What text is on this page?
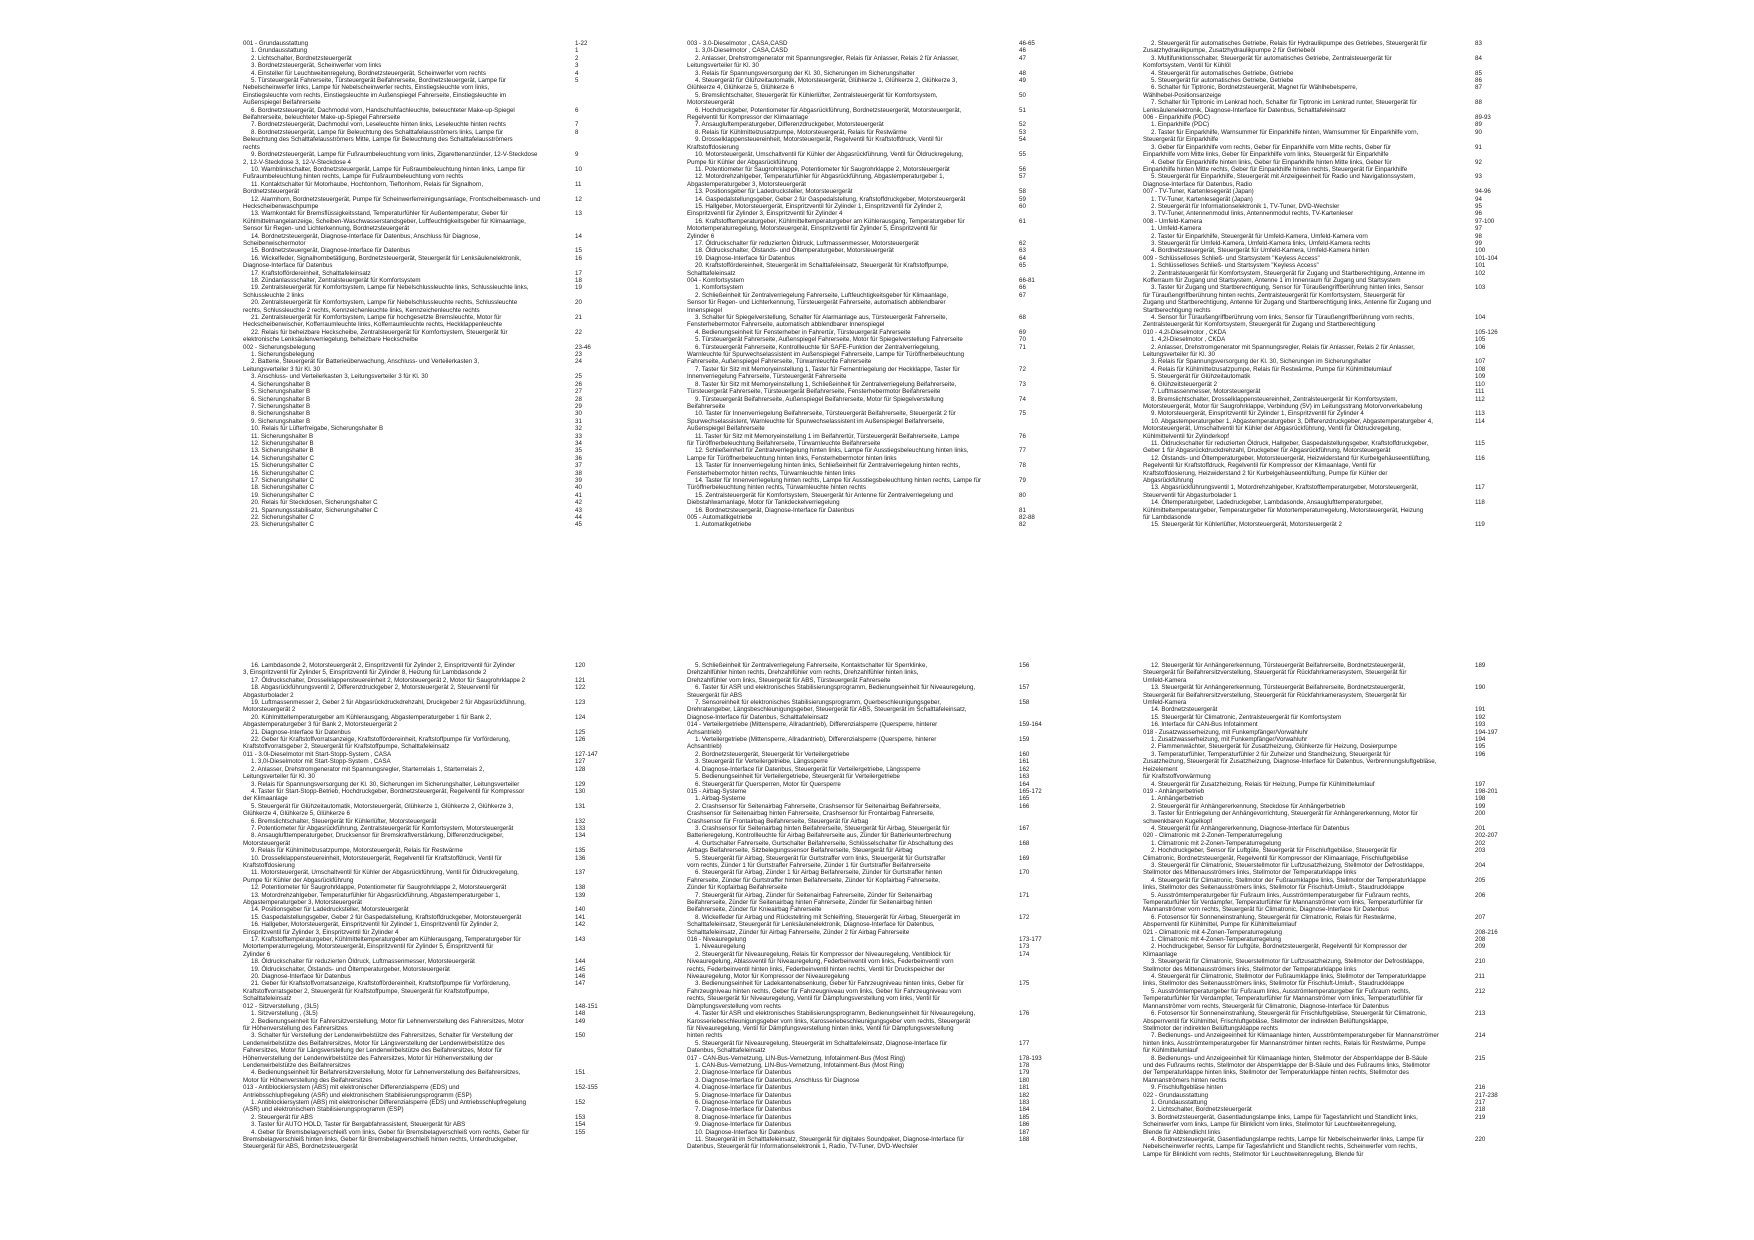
001 - Grundausstattung	1-22
1. Grundausstattung	1
2. Lichtschalter, Bordnetzsteuergerät	2
3. Bordnetzsteuergerät, Scheinwerfer vorn links	3
4. Einsteller für Leuchtweitenregelung, Bordnetzsteuergerät, Scheinwerfer vorn rechts	4
5. Türsteuergerät Fahrerseite, Türsteuergerät Beifahrerseite, Bordnetzsteuergerät, Lampe für	5
Nebelscheinwerfer links, Lampe für Nebelscheinwerfer rechts, Einstiegsleuchte vorn links,
Einstiegsleuchte vorn rechts, Einstiegsleuchte im Außenspiegel Fahrerseite, Einstiegsleuchte im
Außenspiegel Beifahrerseite
6. Bordnetzsteuergerät, Dachmodul vorn, Handschuhfachleuchte, beleuchteter Make-up-Spiegel	6
Beifahrerseite, beleuchteter Make-up-Spiegel Fahrerseite
7. Bordnetzsteuergerät, Dachmodul vorn, Leseleuchte hinten links, Leseleuchte hinten rechts	7
8. Bordnetzsteuergerät, Lampe für Beleuchtung des Schalttafelausströmers links, Lampe für	8
Beleuchtung des Schalttafelausströmers Mitte, Lampe für Beleuchtung des Schalttafelausströmers
rechts
9. Bordnetzsteuergerät, Lampe für Fußraumbeleuchtung vorn links, Zigarettenanzünder, 12-V-Steckdose	9
2, 12-V-Steckdose 3, 12-V-Steckdose 4
10. Warnblinkschalter, Bordnetzsteuergerät, Lampe für Fußraumbeleuchtung hinten links, Lampe für	10
Fußraumbeleuchtung hinten rechts, Lampe für Fußraumbeleuchtung vorn rechts
11. Kontaktschalter für Motorhaube, Hochtonhorn, Tieftonhorn, Relais für Signalhorn,	11
Bordnetzsteuergerät
12. Alarmhorn, Bordnetzsteuergerät, Pumpe für Scheinwerferreinigungsanlage, Frontscheibenwasch- und	12
Heckscheibenwaschpumpe
13. Warnkontakt für Bremsflüssigkeitsstand, Temperaturfühler für Außentemperatur, Geber für	13
Kühlmittelmangelanzeige, Scheiben-Waschwasserstandsgeber, Luftfeuchtigkeitsgeber für Klimaanlage,
Sensor für Regen- und Lichterkennung, Bordnetzsteuergerät
14. Bordnetzsteuergerät, Diagnose-Interface für Datenbus, Anschluss für Diagnose,	14
Scheibenwischermotor
15. Bordnetzsteuergerät, Diagnose-Interface für Datenbus	15
16. Wickelfeder, Signalhornbetätigung, Bordnetzsteuergerät, Steuergerät für Lenksäulenelektronik,	16
Diagnose-Interface für Datenbus
17. Kraftstoffördereinheit, Schalttafeleinsatz	17
18. Zündanlassschalter, Zentralsteuergerät für Komfortsystem	18
19. Zentralsteuergerät für Komfortsystem, Lampe für Nebelschlussleuchte links, Schlussleuchte links,	19
Schlussleuchte 2 links
20. Zentralsteuergerät für Komfortsystem, Lampe für Nebelschlussleuchte rechts, Schlussleuchte	20
rechts, Schlussleuchte 2 rechts, Kennzeichenleuchte links, Kennzeichenleuchte rechts
21. Zentralsteuergerät für Komfortsystem, Lampe für hochgesetzte Bremsleuchte, Motor für	21
Heckscheibenwischer, Kofferraumleuchte links, Kofferraumleuchte rechts, Heckklappenleuchte
22. Relais für beheizbare Heckscheibe, Zentralsteuergerät für Komfortsystem, Steuergerät für	22
elektronische Lenksäulenverriegelung, beheizbare Heckscheibe
002 - Sicherungsbelegung	23-46
1. Sicherungsbelegung	23
2. Batterie, Steuergerät für Batterieüberwachung, Anschluss- und Verteilerkasten 3,	24
Leitungsverteiler 3 für Kl. 30
3. Anschluss- und Verteilerkasten 3, Leitungsverteiler 3 für Kl. 30	25
4. Sicherungshalter B	26
5. Sicherungshalter B	27
6. Sicherungshalter B	28
7. Sicherungshalter B	29
8. Sicherungshalter B	30
9. Sicherungshalter B	31
10. Relais für Lüfterfreigabe, Sicherungshalter B	32
11. Sicherungshalter B	33
12. Sicherungshalter B	34
13. Sicherungshalter B	35
14. Sicherungshalter C	36
15. Sicherungshalter C	37
16. Sicherungshalter C	38
17. Sicherungshalter C	39
18. Sicherungshalter C	40
19. Sicherungshalter C	41
20. Relais für Steckdosen, Sicherungshalter C	42
21. Spannungsstabilisator, Sicherungshalter C	43
22. Sicherungshalter C	44
23. Sicherungshalter C	45
003 - 3.0-Dieselmotor , CASA,CASD	46-65
1. 3,0l-Dieselmotor , CASA,CASD	46
2. Anlasser, Drehstromgenerator mit Spannungsregler, Relais für Anlasser, Relais 2 für Anlasser,	47
Leitungsverteiler für Kl. 30
3. Relais für Spannungsversorgung der Kl. 30, Sicherungen im Sicherungshalter	48
4. Steuergerät für Glühzeitautomatik, Motorsteuergerät, Glühkerze 1, Glühkerze 2, Glühkerze 3,	49
Glühkerze 4, Glühkerze 5, Glühkerze 6
5. Bremslichtschalter, Steuergerät für Kühlerlüfter, Zentralsteuergerät für Komfortsystem,	50
Motorsteuergerät
6. Hochdruckgeber, Potentiometer für Abgasrückführung, Bordnetzsteuergerät, Motorsteuergerät,	51
Regelventil für Kompressor der Klimaanlage
7. Ansaugluftemperaturgeber, Differenzdruckgeber, Motorsteuergerät	52
8. Relais für Kühlmittelzusatzpumpe, Motorsteuergerät, Relais für Restwärme	53
9. Drosselklappensteuereinheit, Motorsteuergerät, Regelventil für Kraftstoffdruck, Ventil für	54
Kraftstoffdosierung
10. Motorsteuergerät, Umschaltventil für Kühler der Abgasrückführung, Ventil für Öldruckregelung,	55
Pumpe für Kühler der Abgasrückführung
11. Potentiometer für Saugrohrklappe, Potentiometer für Saugrohrklappe 2, Motorsteuergerät	56
12. Motordrehzahlgeber, Temperaturfühler für Abgasrückführung, Abgastemperaturgeber 1,	57
Abgastemperaturgeber 3, Motorsteuergerät
13. Positionsgeber für Ladedrucksteller, Motorsteuergerät	58
14. Gaspedalstellungsgeber, Geber 2 für Gaspedalstellung, Kraftstoffdruckgeber, Motorsteuergerät	59
15. Hallgeber, Motorsteuergerät, Einspritzventil für Zylinder 1, Einspritzventil für Zylinder 2,	60
Einspritzventil für Zylinder 3, Einspritzventil für Zylinder 4
16. Kraftstofftemperaturgeber, Kühlmitteltemperaturgeber am Kühlerausgang, Temperaturgeber für	61
Motortemperaturregelung, Motorsteuergerät, Einspritzventil für Zylinder 5, Einspritzventil für
Zylinder 6
17. Öldruckschalter für reduzierten Öldruck, Luftmassenmesser, Motorsteuergerät	62
18. Öldruckschalter, Ölstands- und Öltemperaturgeber, Motorsteuergerät	63
19. Diagnose-Interface für Datenbus	64
20. Kraftstoffördereinheit, Steuergerät im Schalttafeleinsatz, Steuergerät für Kraftstoffpumpe,	65
Schalttafeleinsatz
004 - Komfortsystem	66-81
1. Komfortsystem	66
2. Schließeinheit für Zentralverriegelung Fahrerseite, Luftfeuchtigkeitsgeber für Klimaanlage,	67
Sensor für Regen- und Lichterkennung, Türsteuergerät Fahrerseite, automatisch abblendbarer
Innenspiegel
3. Schalter für Spiegelverstellung, Schalter für Alarmanlage aus, Türsteuergerät Fahrerseite,	68
Fensterhebermotor Fahrerseite, automatisch abblendbarer Innenspiegel
4. Bedienungseinheit für Fensterheber in Fahrertür, Türsteuergerät Fahrerseite	69
5. Türsteuergerät Fahrerseite, Außenspiegel Fahrerseite, Motor für Spiegelverstellung Fahrerseite	70
6. Türsteuergerät Fahrerseite, Kontrollleuchte für SAFE-Funktion der Zentralverriegelung,	71
Warnleuchte für Spurwechselassistent im Außenspiegel Fahrerseite, Lampe für Türöffnerbeleuchtung
Fahrerseite, Außenspiegel Fahrerseite, Türwarnleuchte Fahrerseite
7. Taster für Sitz mit Memoryeinstellung 1, Taster für Fernentriegelung der Heckklappe, Taster für	72
Innenverriegelung Fahrerseite, Türsteuergerät Fahrerseite
8. Taster für Sitz mit Memoryeinstellung 1, Schließeinheit für Zentralverriegelung Beifahrerseite,	73
Türsteuergerät Fahrerseite, Türsteuergerät Beifahrerseite, Fensterhebermotor Beifahrerseite
9. Türsteuergerät Beifahrerseite, Außenspiegel Beifahrerseite, Motor für Spiegelverstellung	74
Beifahrerseite
10. Taster für Innenverriegelung Beifahrerseite, Türsteuergerät Beifahrerseite, Steuergerät 2 für	75
Spurwechselassistent, Warnleuchte für Spurwechselassistent im Außenspiegel Beifahrerseite,
Außenspiegel Beifahrerseite
11. Taster für Sitz mit Memoryeinstellung 1 im Beifahrertür, Türsteuergerät Beifahrerseite, Lampe	76
für Türöffnerbeleuchtung Beifahrerseite, Türwarnleuchte Beifahrerseite
12. Schließeinheit für Zentralverriegelung hinten links, Lampe für Ausstiegsbeleuchtung hinten links,	77
Lampe für Türöffnerbeleuchtung hinten links, Fensterhebermotor hinten links
13. Taster für Innenverriegelung hinten links, Schließeinheit für Zentralverriegelung hinten rechts,	78
Fensterhebermotor hinten rechts, Türwarnleuchte hinten links
14. Taster für Innenverriegelung hinten rechts, Lampe für Ausstiegsbeleuchtung hinten rechts, Lampe für	79
Türöffnerbeleuchtung hinten rechts, Türwarnleuchte hinten rechts
15. Zentralsteuergerät für Komfortsystem, Steuergerät für Antenne für Zentralverriegelung und	80
Diebstahlwarnanlage, Motor für Tankdeckelverriegelung
16. Bordnetzsteuergerät, Diagnose-Interface für Datenbus	81
005 - Automatikgetriebe	82-88
1. Automatikgetriebe	82
2. Steuergerät für automatisches Getriebe, Relais für Hydraulikpumpe des Getriebes, Steuergerät für	83
Zusatzhydraulikpumpe, Zusatzhydraulikpumpe 2 für Getriebeöl
3. Multifunktionsschalter, Steuergerät für automatisches Getriebe, Zentralsteuergerät für	84
Komfortsystem, Ventil für Kühlöl
4. Steuergerät für automatisches Getriebe, Getriebe	85
5. Steuergerät für automatisches Getriebe, Getriebe	86
6. Schalter für Tiptronic, Bordnetzsteuergerät, Magnet für Wählhebelsperre,	87
Wählhebel-Positionsanzeige
7. Schalter für Tiptronic im Lenkrad hoch, Schalter für Tiptronic im Lenkrad runter, Steuergerät für	88
Lenksäulenelektronik, Diagnose-Interface für Datenbus, Schalttafeleinsatz
006 - Einparkhilfe (PDC)	89-93
1. Einparkhilfe (PDC)	89
2. Taster für Einparkhilfe, Warnsummer für Einparkhilfe hinten, Warnsummer für Einparkhilfe vorn,	90
Steuergerät für Einparkhilfe
3. Geber für Einparkhilfe vorn rechts, Geber für Einparkhilfe vorn Mitte rechts, Geber für	91
Einparkhilfe vorn Mitte links, Geber für Einparkhilfe vorn links, Steuergerät für Einparkhilfe
4. Geber für Einparkhilfe hinten links, Geber für Einparkhilfe hinten Mitte links, Geber für	92
Einparkhilfe hinten Mitte rechts, Geber für Einparkhilfe hinten rechts, Steuergerät für Einparkhilfe
5. Steuergerät für Einparkhilfe, Steuergerät mit Anzeigeeinheit für Radio und Navigationssystem,	93
Diagnose-Interface für Datenbus, Radio
007 - TV-Tuner, Kartenlesegerät (Japan)	94-96
1. TV-Tuner, Kartenlesegerät (Japan)	94
2. Steuergerät für Informationselektronik 1, TV-Tuner, DVD-Wechsler	95
3. TV-Tuner, Antennenmodul links, Antennenmodul rechts, TV-Kartenleser	96
008 - Umfeld-Kamera	97-100
1. Umfeld-Kamera	97
2. Taster für Einparkhilfe, Steuergerät für Umfeld-Kamera, Umfeld-Kamera vorn	98
3. Steuergerät für Umfeld-Kamera, Umfeld-Kamera links, Umfeld-Kamera rechts	99
4. Bordnetzsteuergerät, Steuergerät für Umfeld-Kamera, Umfeld-Kamera hinten	100
009 - Schlüsselloses Schließ- und Startsystem "Keyless Access"	101-104
1. Schlüsselloses Schließ- und Startsystem "Keyless Access"	101
2. Zentralsteuergerät für Komfortsystem, Steuergerät für Zugang und Startberechtigung, Antenne im	102
Kofferraum für Zugang und Startsystem, Antenne 1 im Innenraum für Zugang und Startsystem
3. Taster für Zugang und Startberechtigung, Sensor für Türaußengriffberührung hinten links, Sensor	103
für Türaußengriffberührung hinten rechts, Zentralsteuergerät für Komfortsystem, Steuergerät für
Zugang und Startberechtigung, Antenne für Zugang und Startberechtigung links, Antenne für Zugang und
Startberechtigung rechts
4. Sensor für Türaußengriffberührung vorn links, Sensor für Türaußengriffberührung vorn rechts,	104
Zentralsteuergerät für Komfortsystem, Steuergerät für Zugang und Startberechtigung
010 - 4.2l-Dieselmotor , CKDA	105-126
1. 4,2l-Dieselmotor , CKDA	105
2. Anlasser, Drehstromgenerator mit Spannungsregler, Relais für Anlasser, Relais 2 für Anlasser,	106
Leitungsverteiler für Kl. 30
3. Relais für Spannungsversorgung der Kl. 30, Sicherungen im Sicherungshalter	107
4. Relais für Kühlmittelzusatzpumpe, Relais für Restwärme, Pumpe für Kühlmittelumlauf	108
5. Steuergerät für Glühzeitautomatik	109
6. Glühzeitsteuergerät 2	110
7. Luftmassenmesser, Motorsteuergerät	111
8. Bremslichtschalter, Drosselklappensteuereinheit, Zentralsteuergerät für Komfortsystem,	112
Motorsteuergerät, Motor für Saugrohrklappe, Verbindung (5V) im Leitungsstrang Motorvorverkabelung
9. Motorsteuergerät, Einspritzventil für Zylinder 1, Einspritzventil für Zylinder 4	113
10. Abgastemperaturgeber 1, Abgastemperaturgeber 3, Differenzdruckgeber, Abgastemperaturgeber 4,	114
Motorsteuergerät, Umschaltventil für Kühler der Abgasrückführung, Ventil für Öldruckregelung,
Kühlmittelventil für Zylinderkopf
11. Öldruckschalter für reduzierten Öldruck, Hallgeber, Gaspedalstellungsgeber, Kraftstoffdruckgeber,	115
Geber 1 für Abgasrückdruckdrehzahl, Druckgeber für Abgasrückführung, Motorsteuergerät
12. Ölstands- und Öltemperaturgeber, Motorsteuergerät, Heizwiderstand für Kurbelgehäuseentlüftung,	116
Regelventil für Kraftstoffdruck, Regelventil für Kompressor der Klimaanlage, Ventil für
Kraftstoffdosierung, Heizwiderstand 2 für Kurbelgehäuseentlüftung, Pumpe für Kühler der
Abgasrückführung
13. Abgasrückführungsventil 1, Motordrehzahlgeber, Kraftstofftemperaturgeber, Motorsteuergerät,	117
Steuerventil für Abgasturbolader 1
14. Öltemperaturgeber, Ladedruckgeber, Lambdasonde, Ansauglufttemperaturgeber,	118
Kühlmitteltemperaturgeber, Temperaturgeber für Motortemperaturregelung, Motorsteuergerät, Heizung
für Lambdasonde
15. Steuergerät für Kühlerlüfter, Motorsteuergerät, Motorsteuergerät 2	119
16. Lambdasonde 2, Motorsteuergerät 2, Einspritzventil für Zylinder 2, Einspritzventil für Zylinder	120
3, Einspritzventil für Zylinder 5, Einspritzventil für Zylinder 8, Heizung für Lambdasonde 2
17. Öldruckschalter, Drosselklappensteuereinheit 2, Motorsteuergerät 2, Motor für Saugrohrklappe 2	121
18. Abgasrückführungsventil 2, Differenzdruckgeber 2, Motorsteuergerät 2, Steuerventil für	122
Abgasturbolader 2
19. Luftmassenmesser 2, Geber 2 für Abgasrückdruckdrehzahl, Druckgeber 2 für Abgasrückführung,	123
Motorsteuergerät 2
20. Kühlmitteltemperaturgeber am Kühlerausgang, Abgastemperaturgeber 1 für Bank 2,	124
Abgastemperaturgeber 3 für Bank 2, Motorsteuergerät 2
21. Diagnose-Interface für Datenbus	125
22. Geber für Kraftstoffvorratsanzeige, Kraftstoffördereinheit, Kraftstoffpumpe für Vorförderung,	126
Kraftstoffvorratsgeber 2, Steuergerät für Kraftstoffpumpe, Schalttafeleinsatz
011 - 3.0l-Dieselmotor mit Start-Stopp-System , CASA	127-147
1. 3,0l-Dieselmotor mit Start-Stopp-System , CASA	127
2. Anlasser, Drehstromgenerator mit Spannungsregler, Starterrelais 1, Starterrelais 2,	128
Leitungsverteiler für Kl. 30
3. Relais für Spannungsversorgung der Kl. 30, Sicherungen im Sicherungshalter, Leitungsverteiler	129
4. Taster für Start-Stopp-Betrieb, Hochdruckgeber, Bordnetzsteuergerät, Regelventil für Kompressor	130
der Klimaanlage
5. Steuergerät für Glühzeitautomatik, Motorsteuergerät, Glühkerze 1, Glühkerze 2, Glühkerze 3,	131
Glühkerze 4, Glühkerze 5, Glühkerze 6
6. Bremslichtschalter, Steuergerät für Kühlerlüfter, Motorsteuergerät	132
7. Potentiometer für Abgasrückführung, Zentralsteuergerät für Komfortsystem, Motorsteuergerät	133
8. Ansauglufttemperaturgeber, Drucksensor für Bremskraftverstärkung, Differenzdruckgeber,	134
Motorsteuergerät
9. Relais für Kühlmittelzusatzpumpe, Motorsteuergerät, Relais für Restwärme	135
10. Drosselklappensteuereinheit, Motorsteuergerät, Regelventil für Kraftstoffdruck, Ventil für	136
Kraftstoffdosierung
11. Motorsteuergerät, Umschaltventil für Kühler der Abgasrückführung, Ventil für Öldruckregelung,	137
Pumpe für Kühler der Abgasrückführung
12. Potentiometer für Saugrohrklappe, Potentiometer für Saugrohrklappe 2, Motorsteuergerät	138
13. Motordrehzahlgeber, Temperaturfühler für Abgasrückführung, Abgastemperaturgeber 1,	139
Abgastemperaturgeber 3, Motorsteuergerät
14. Positionsgeber für Ladedrucksteller, Motorsteuergerät	140
15. Gaspedalstellungsgeber, Geber 2 für Gaspedalstellung, Kraftstoffdruckgeber, Motorsteuergerät	141
16. Hallgeber, Motorsteuergerät, Einspritzventil für Zylinder 1, Einspritzventil für Zylinder 2,	142
Einspritzventil für Zylinder 3, Einspritzventil für Zylinder 4
17. Kraftstofftemperaturgeber, Kühlmitteltemperaturgeber am Kühlerausgang, Temperaturgeber für	143
Motortemperaturregelung, Motorsteuergerät, Einspritzventil für Zylinder 5, Einspritzventil für
Zylinder 6
18. Öldruckschalter für reduzierten Öldruck, Luftmassenmesser, Motorsteuergerät	144
19. Öldruckschalter, Ölstands- und Öltemperaturgeber, Motorsteuergerät	145
20. Diagnose-Interface für Datenbus	146
21. Geber für Kraftstoffvorratsanzeige, Kraftstoffördereinheit, Kraftstoffpumpe für Vorförderung,	147
Kraftstoffvorratsgeber 2, Steuergerät für Kraftstoffpumpe, Steuergerät für Kraftstoffpumpe,
Schalttafeleinsatz
012 - Sitzverstellung , (3L5)	148-151
1. Sitzverstellung , (3L5)	148
2. Bedienungseinheit für Fahrersitzverstellung, Motor für Lehnenverstellung des Fahrersitzes, Motor	149
für Höhenverstellung des Fahrersitzes
3. Schalter für Verstellung der Lendenwirbelstütze des Fahrersitzes, Schalter für Verstellung der	150
Lendenwirbelstütze des Beifahrersitzes, Motor für Längsverstellung der Lendenwirbelstütze des
Fahrersitzes, Motor für Längsverstellung der Lendenwirbelstütze des Beifahrersitzes, Motor für
Höhenverstellung der Lendenwirbelstütze des Fahrersitzes, Motor für Höhenverstellung der
Lendenwirbelstütze des Beifahrersitzes
4. Bedienungseinheit für Beifahrersitzverstellung, Motor für Lehnenverstellung des Beifahrersitzes,	151
Motor für Höhenverstellung des Beifahrersitzes
013 - Antiblockiersystem (ABS) mit elektronischer Differenzialsperre (EDS) und	152-155
Antriebsschlupfregelung (ASR) und elektronischem Stabilisierungsprogramm (ESP)
1. Antiblockiersystem (ABS) mit elektronischer Differenzialsperre (EDS) und Antriebsschlupfregelung	152
(ASR) und elektronischem Stabilisierungsprogramm (ESP)
2. Steuergerät für ABS	153
3. Taster für AUTO HOLD, Taster für Bergabfahrassistent, Steuergerät für ABS	154
4. Geber für Bremsbelagverschleiß vorn links, Geber für Bremsbelagverschleiß vorn rechts, Geber für	155
Bremsbelagverschleiß hinten links, Geber für Bremsbelagverschleiß hinten rechts, Unterdruckgeber,
Steuergerät für ABS, Bordnetzsteuergerät
5. Schließeinheit für Zentralverriegelung Fahrerseite, Kontaktschalter für Sperrklinke,	156
Drehzahlfühler hinten rechts, Drehzahlfühler vorn rechts, Drehzahlfühler hinten links,
Drehzahlfühler vorn links, Steuergerät für ABS, Türsteuergerät Fahrerseite
6. Taster für ASR und elektronisches Stabilisierungsprogramm, Bedienungseinheit für Niveauregelung,	157
Steuergerät für ABS
7. Sensoreinheit für elektronisches Stabilisierungsprogramm, Querbeschleunigungsgeber,	158
Drehratengeber, Längsbeschleunigungsgeber, Steuergerät für ABS, Steuergerät im Schalttafeleinsatz,
Diagnose-Interface für Datenbus, Schalttafeleinsatz
014 - Verteilergetriebe (Mittensperre, Allradantrieb), Differenzialsperre (Quersperre, hinterer	159-164
Achsantrieb)
1. Verteilergetriebe (Mittensperre, Allradantrieb), Differenzialsperre (Quersperre, hinterer	159
Achsantrieb)
2. Bordnetzsteuergerät, Steuergerät für Verteilergetriebe	160
3. Steuergerät für Verteilergetriebe, Längssperre	161
4. Diagnose-Interface für Datenbus, Steuergerät für Verteilergetriebe, Längssperre	162
5. Bedienungseinheit für Verteilergetriebe, Steuergerät für Verteilergetriebe	163
6. Steuergerät für Quersperren, Motor für Quersperre	164
015 - Airbag-Systeme	165-172
1. Airbag-Systeme	165
2. Crashsensor für Seitenairbag Fahrerseite, Crashsensor für Seitenairbag Beifahrerseite,	166
Crashsensor für Seitenairbag hinten Fahrerseite, Crashsensor für Frontairbag Fahrerseite,
Crashsensor für Frontairbag Beifahrerseite, Steuergerät für Airbag
3. Crashsensor für Seitenairbag hinten Beifahrerseite, Steuergerät für Airbag, Steuergerät für	167
Batterieregelung, Kontrollleuchte für Airbag Beifahrerseite aus, Zünder für Batterieunterbrechung
4. Gurtschalter Fahrerseite, Gurtschalter Beifahrerseite, Schlüsselschalter für Abschaltung des	168
Airbags Beifahrerseite, Sitzbelegungssensor Beifahrerseite, Steuergerät für Airbag
5. Steuergerät für Airbag, Steuergerät für Gurtstraffer vorn links, Steuergerät für Gurtstraffer	169
vorn rechts, Zünder 1 für Gurtstraffer Fahrerseite, Zünder 1 für Gurtstraffer Beifahrerseite
6. Steuergerät für Airbag, Zünder 1 für Airbag Beifahrerseite, Zünder für Gurtstraffer hinten	170
Fahrerseite, Zünder für Gurtstraffer hinten Beifahrerseite, Zünder für Kopfairbag Fahrerseite,
Zünder für Kopfairbag Beifahrerseite
7. Steuergerät für Airbag, Zünder für Seitenairbag Fahrerseite, Zünder für Seitenairbag	171
Beifahrerseite, Zünder für Seitenairbag hinten Fahrerseite, Zünder für Seitenairbag hinten
Beifahrerseite, Zünder für Knieairbag Fahrerseite
8. Wickelfeder für Airbag und Rückstellring mit Schleifring, Steuergerät für Airbag, Steuergerät im	172
Schalttafeleinsatz, Steuergerät für Lenksäulenelektronik, Diagnose-Interface für Datenbus,
Schalttafeleinsatz, Zünder für Airbag Fahrerseite, Zünder 2 für Airbag Fahrerseite
016 - Niveauregelung	173-177
1. Niveauregelung	173
2. Steuergerät für Niveauregelung, Relais für Kompressor der Niveauregelung, Ventilblock für	174
Niveauregelung, Ablassventil für Niveauregelung, Federbeinventil vorn links, Federbeinventil vorn
rechts, Federbeinventil hinten links, Federbeinventil hinten rechts, Ventil für Druckspeicher der
Niveauregelung, Motor für Kompressor der Niveauregelung
3. Bedienungseinheit für Ladekantenabsenkung, Geber für Fahrzeugniveau hinten links, Geber für	175
Fahrzeugniveau hinten rechts, Geber für Fahrzeugniveau vorn links, Geber für Fahrzeugniveau vorn
rechts, Steuergerät für Niveauregelung, Ventil für Dämpfungsverstellung vorn links, Ventil für
Dämpfungsverstellung vorn rechts
4. Taster für ASR und elektronisches Stabilisierungsprogramm, Bedienungseinheit für Niveauregelung,	176
Karosseriebeschleunigungsgeber vorn links, Karosseriebeschleunigungsgeber vorn rechts, Steuergerät
für Niveauregelung, Ventil für Dämpfungsverstellung hinten links, Ventil für Dämpfungsverstellung
hinten rechts
5. Steuergerät für Niveauregelung, Steuergerät im Schalttafeleinsatz, Diagnose-Interface für	177
Datenbus, Schalttafeleinsatz
017 - CAN-Bus-Vernetzung, LIN-Bus-Vernetzung, Infotainment-Bus (Most Ring)	178-193
1. CAN-Bus-Vernetzung, LIN-Bus-Vernetzung, Infotainment-Bus (Most Ring)	178
2. Diagnose-Interface für Datenbus	179
3. Diagnose-Interface für Datenbus, Anschluss für Diagnose	180
4. Diagnose-Interface für Datenbus	181
5. Diagnose-Interface für Datenbus	182
6. Diagnose-Interface für Datenbus	183
7. Diagnose-Interface für Datenbus	184
8. Diagnose-Interface für Datenbus	185
9. Diagnose-Interface für Datenbus	186
10. Diagnose-Interface für Datenbus	187
11. Steuergerät im Schalttafeleinsatz, Steuergerät für digitales Soundpaket, Diagnose-Interface für	188
Datenbus, Steuergerät für Informationselektronik 1, Radio, TV-Tuner, DVD-Wechsler
12. Steuergerät für Anhängererkennung, Türsteuergerät Beifahrerseite, Bordnetzsteuergerät,	189
Steuergerät für Beifahrersitzverstellung, Steuergerät für Rückfahrkamerasystem, Steuergerät für
Umfeld-Kamera
13. Steuergerät für Anhängererkennung, Türsteuergerät Beifahrerseite, Bordnetzsteuergerät,	190
Steuergerät für Beifahrersitzverstellung, Steuergerät für Rückfahrkamerasystem, Steuergerät für
Umfeld-Kamera
14. Bordnetzsteuergerät	191
15. Steuergerät für Climatronic, Zentralsteuergerät für Komfortsystem	192
16. Interface für CAN-Bus Infotainment	193
018 - Zusatzwasserheizung, mit Funkempfänger/Vorwahluhr	194-197
1. Zusatzwasserheizung, mit Funkempfänger/Vorwahluhr	194
2. Flammenwächter, Steuergerät für Zusatzheizung, Glühkerze für Heizung, Dosierpumpe	195
3. Temperaturfühler, Temperaturfühler 2 für Zuheizer und Standheizung, Steuergerät für	196
Zusatzheizung, Steuergerät für Zusatzheizung, Diagnose-Interface für Datenbus, Verbrennungsluftgebläse, Heizelement
für Kraftstoffvorwärmung
4. Steuergerät für Zusatzheizung, Relais für Heizung, Pumpe für Kühlmittelumlauf	197
019 - Anhängerbetrieb	198-201
1. Anhängerbetrieb	198
2. Steuergerät für Anhängererkennung, Steckdose für Anhängerbetrieb	199
3. Taster für Entriegelung der Anhängevorrichtung, Steuergerät für Anhängererkennung, Motor für	200
schwenkbaren Kugelkopf
4. Steuergerät für Anhängererkennung, Diagnose-Interface für Datenbus	201
020 - Climatronic mit 2-Zonen-Temperaturregelung	202-207
1. Climatronic mit 2-Zonen-Temperaturregelung	202
2. Hochdruckgeber, Sensor für Luftgüte, Steuergerät für Frischluftgebläse, Steuergerät für	203
Climatronic, Bordnetzsteuergerät, Regelventil für Kompressor der Klimaanlage, Frischluftgebläse
3. Steuergerät für Climatronic, Steuerstellmotor für Luftzusatzheizung, Stellmotor der Defrostklappe,	204
Stellmotor des Mittenausströmers links, Stellmotor der Temperaturklappe links
4. Steuergerät für Climatronic, Stellmotor der Fußraumklappe links, Stellmotor der Temperaturklappe	205
links, Stellmotor des Seitenausströmers links, Stellmotor für Frischluft-Umluft-, Staudruckklappe
5. Ausströmtemperaturgeber für Fußraum links, Ausströmtemperaturgeber für Fußraum rechts,	206
Temperaturfühler für Verdampfer, Temperaturfühler für Mannanströmer vorn links, Temperaturfühler für
Mannanströmer vorn rechts, Steuergerät für Climatronic, Diagnose-Interface für Datenbus
6. Fotosensor für Sonneneinstrahlung, Steuergerät für Climatronic, Relais für Restwärme,	207
Absperrventil für Kühlmittel, Pumpe für Kühlmittelumlauf
021 - Climatronic mit 4-Zonen-Temperaturregelung	208-216
1. Climatronic mit 4-Zonen-Temperaturregelung	208
2. Hochdruckgeber, Sensor für Luftgüte, Bordnetzsteuergerät, Regelventil für Kompressor der	209
Klimaanlage
3. Steuergerät für Climatronic, Steuerstellmotor für Luftzusatzheizung, Stellmotor der Defrostklappe,	210
Stellmotor des Mittenausströmers links, Stellmotor der Temperaturklappe links
4. Steuergerät für Climatronic, Stellmotor der Fußraumklappe links, Stellmotor der Temperaturklappe	211
links, Stellmotor des Seitenausströmers links, Stellmotor für Frischluft-Umluft-, Staudruckklappe
5. Ausströmtemperaturgeber für Fußraum links, Ausströmtemperaturgeber für Fußraum rechts,	212
Temperaturfühler für Verdampfer, Temperaturfühler für Mannanströmer vorn links, Temperaturfühler für
Mannanströmer vorn rechts, Steuergerät für Climatronic, Diagnose-Interface für Datenbus
6. Fotosensor für Sonneneinstrahlung, Steuergerät für Frischluftgebläse, Steuergerät für Climatronic,	213
Absperrventil für Kühlmittel, Frischluftgebläse, Stellmotor der indirekten Belüftungsklappe,
Stellmotor der indirekten Belüftungsklappe rechts
7. Bedienungs- und Anzeigeeinheit für Klimaanlage hinten, Ausströmtemperaturgeber für Mannanströmer	214
hinten links, Ausströmtemperaturgeber für Mannanströmer hinten rechts, Relais für Restwärme, Pumpe
für Kühlmittelumlauf
8. Bedienungs- und Anzeigeeinheit für Klimaanlage hinten, Stellmotor der Absperrklappe der B-Säule	215
und des Fußraums rechts, Stellmotor der Absperrklappe der B-Säule und des Fußraums links, Stellmotor
der Temperaturklappe hinten links, Stellmotor der Temperaturklappe hinten rechts, Stellmotor des
Mannanströmers hinten rechts
9. Frischluftgebläse hinten	216
022 - Grundausstattung	217-238
1. Grundausstattung	217
2. Lichtschalter, Bordnetzsteuergerät	218
3. Bordnetzsteuergerät, Gasentladungslampe links, Lampe für Tagesfahrlicht und Standlicht links,	219
Scheinwerfer vorn links, Lampe für Blinklicht vorn links, Stellmotor für Leuchtweitenregelung,
Blende für Abblendlicht links
4. Bordnetzsteuergerät, Gasentladungslampe rechts, Lampe für Nebelscheinwerfer links, Lampe für	220
Nebelscheinwerfer rechts, Lampe für Tagesfahrlicht und Standlicht rechts, Scheinwerfer vorn rechts,
Lampe für Blinklicht vorn rechts, Stellmotor für Leuchtweitenregelung, Blende für
